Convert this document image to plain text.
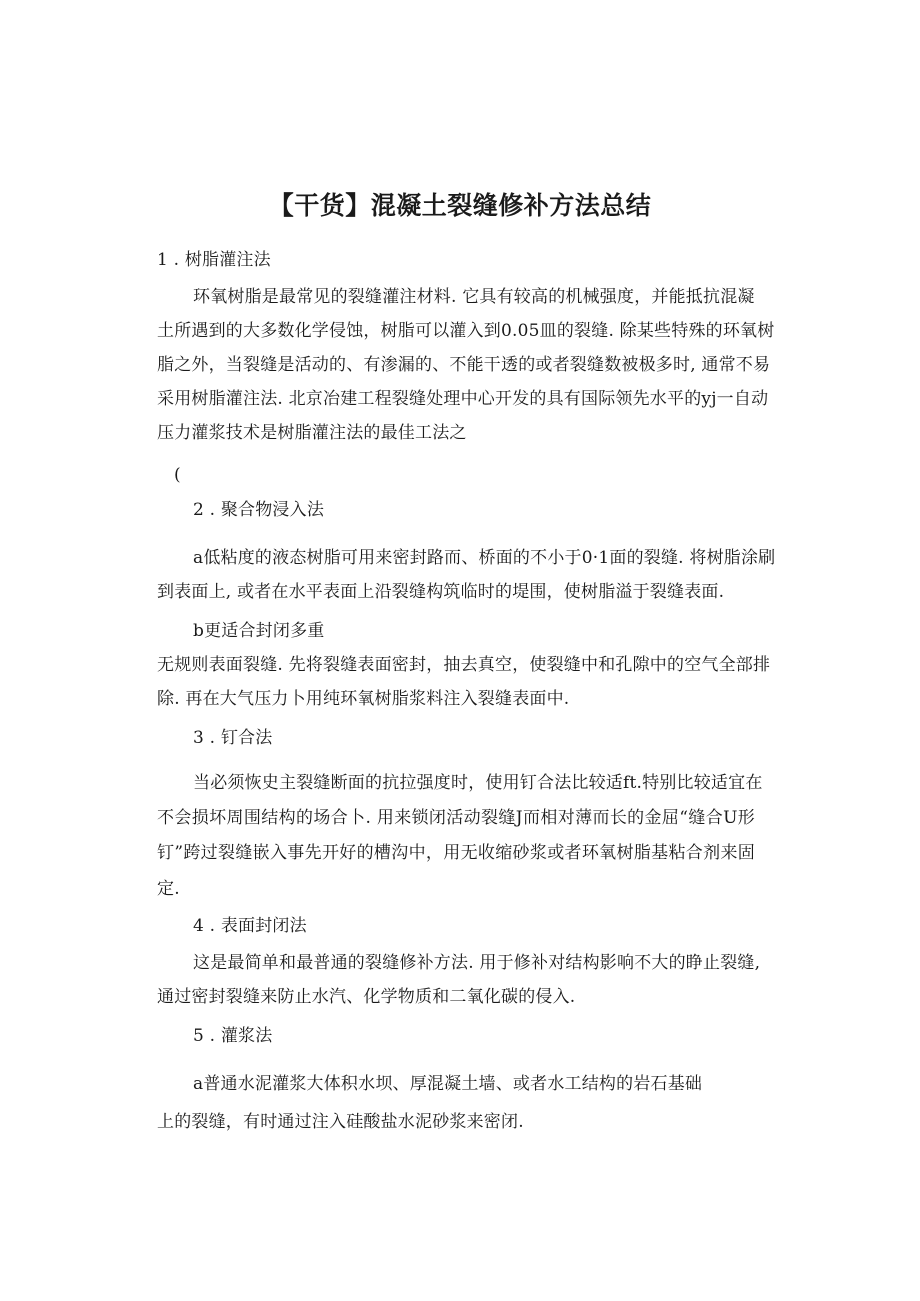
【干货】混凝土裂缝修补方法总结
1 . 树脂灌注法
环氧树脂是最常见的裂缝灌注材料. 它具有较高的机械强度，并能抵抗混凝
土所遇到的大多数化学侵蚀，树脂可以灌入到0.05皿的裂缝. 除某些特殊的环氧树
脂之外，当裂缝是活动的、有渗漏的、不能干透的或者裂缝数被极多时, 通常不易
采用树脂灌注法. 北京冶建工程裂缝处理中心开发的具有国际领先水平的yj一自动
压力灌浆技术是树脂灌注法的最佳工法之
(
2 . 聚合物浸入法
a低粘度的液态树脂可用来密封路而、桥面的不小于0·1面的裂缝. 将树脂涂刷
到表面上, 或者在水平表面上沿裂缝构筑临时的堤围，使树脂溢于裂缝表面.
b更适合封闭多重
无规则表面裂缝. 先将裂缝表面密封，抽去真空，使裂缝中和孔隙中的空气全部排
除. 再在大气压力卜用纯环氧树脂浆料注入裂缝表面中.
3 . 钉合法
当必须恢史主裂缝断面的抗拉强度时，使用钉合法比较适ft.特别比较适宜在
不会损坏周围结构的场合卜. 用来锁闭活动裂缝J而相对薄而长的金屈“缝合U形
钉”跨过裂缝嵌入事先开好的槽沟中，用无收缩砂浆或者环氧树脂基粘合剂来固
定.
4 . 表面封闭法
这是最简单和最普通的裂缝修补方法. 用于修补对结构影响不大的睁止裂缝,
通过密封裂缝来防止水汽、化学物质和二氧化碳的侵入.
5 . 灌浆法
a普通水泥灌浆大体积水坝、厚混凝土墙、或者水工结构的岩石基础
上的裂缝，有时通过注入硅酸盐水泥砂浆来密闭.
